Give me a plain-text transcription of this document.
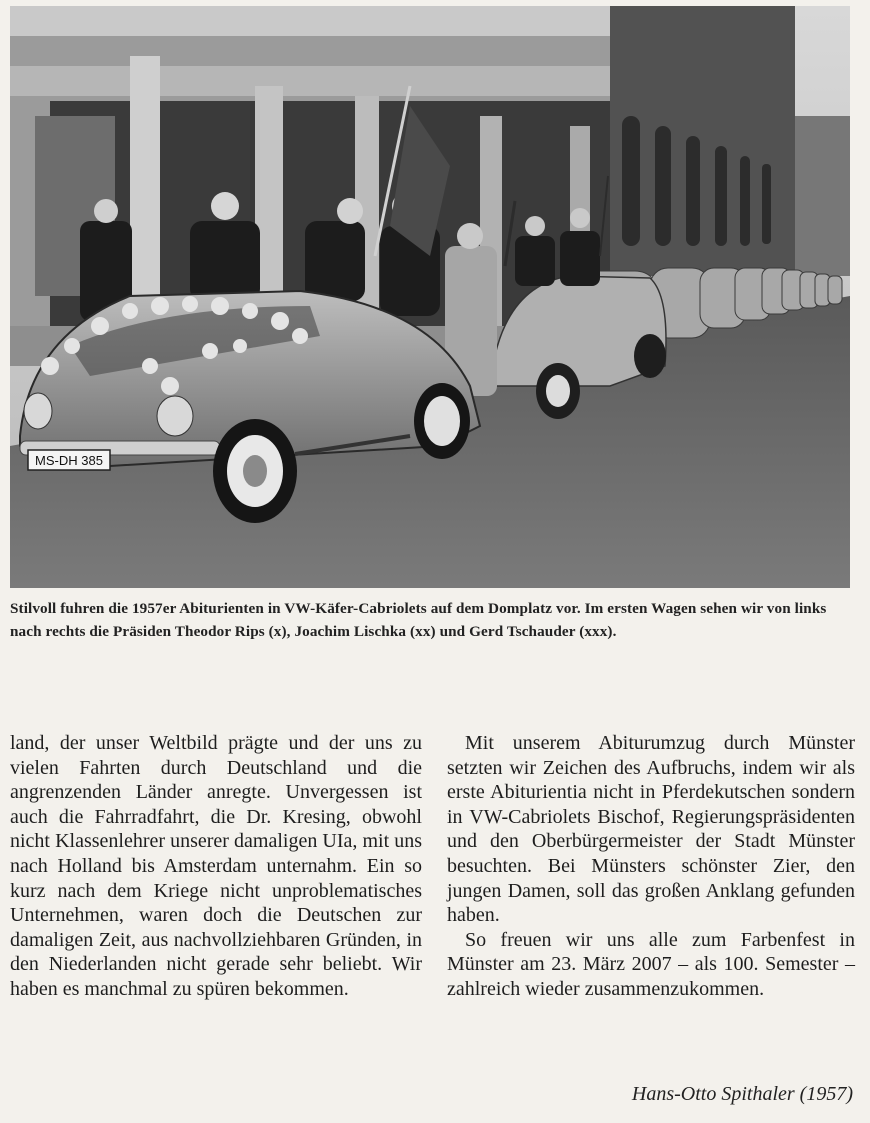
MS-DH 385
Stilvoll fuhren die 1957er Abiturienten in VW-Käfer-Cabriolets auf dem Domplatz vor. Im ersten Wagen sehen wir von links nach rechts die Präsiden Theodor Rips (x), Joachim Lischka (xx) und Gerd Tschauder (xxx).

land, der unser Weltbild prägte und der uns zu vielen Fahrten durch Deutschland und die angrenzenden Länder anregte. Unvergessen ist auch die Fahrradfahrt, die Dr. Kresing, obwohl nicht Klassenlehrer unserer damaligen UIa, mit uns nach Holland bis Amsterdam unternahm. Ein so kurz nach dem Kriege nicht unproblematisches Unternehmen, waren doch die Deutschen zur damaligen Zeit, aus nachvollziehbaren Gründen, in den Niederlanden nicht gerade sehr beliebt. Wir haben es manchmal zu spüren bekommen.

Mit unserem Abiturumzug durch Münster setzten wir Zeichen des Aufbruchs, indem wir als erste Abiturientia nicht in Pferdekutschen sondern in VW-Cabriolets Bischof, Regierungspräsidenten und den Oberbürgermeister der Stadt Münster besuchten. Bei Münsters schönster Zier, den jungen Damen, soll das großen Anklang gefunden haben.

So freuen wir uns alle zum Farbenfest in Münster am 23. März 2007 – als 100. Semester – zahlreich wieder zusammenzukommen.

Hans-Otto Spithaler (1957)
